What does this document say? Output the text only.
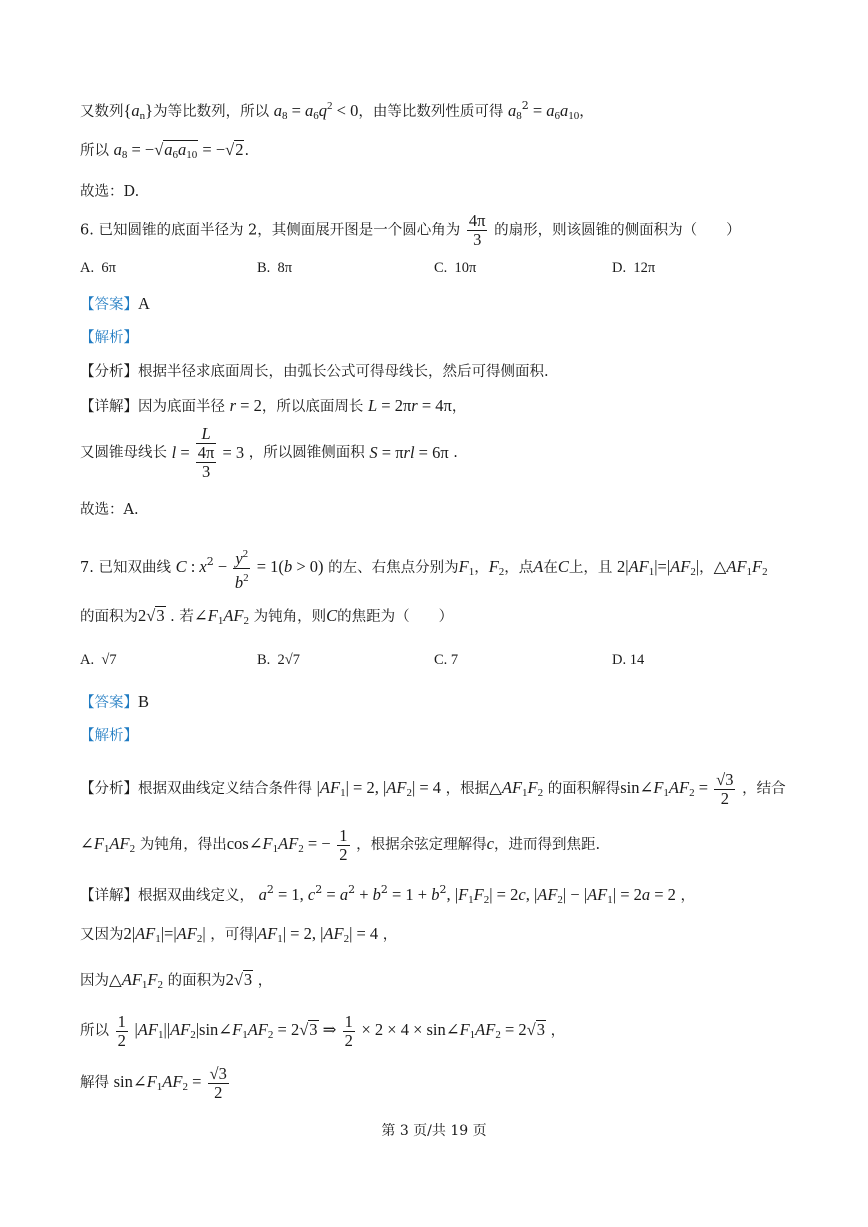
又数列$\{a_n\}$为等比数列，所以 $a_8 = a_6q^2 < 0$，由等比数列性质可得 $a_8^2 = a_6a_{10}$，
所以 $a_8 = -√a_6a_{10} = -√2$.
故选：D.
6. 已知圆锥的底面半径为 2，其侧面展开图是一个圆心角为 $\frac{4\pi}{3}$ 的扇形，则该圆锥的侧面积为（　　）
A. 6π	B. 8π	C. 10π	D. 12π
【答案】A
【解析】
【分析】根据半径求底面周长，由弧长公式可得母线长，然后可得侧面积.
【详解】因为底面半径 r = 2，所以底面周长 L = 2πr = 4π，
又圆锥母线长 $l = \frac{L}{\frac{4\pi}{3}} = 3$ ，所以圆锥侧面积 S = πrl = 6π .
故选：A.
7. 已知双曲线 C : $x^2 - \frac{y^2}{b^2} = 1(b > 0)$ 的左、右焦点分别为$F_1$，$F_2$，点A在C上，且 $2|AF_1|=|AF_2|$，$\triangle AF_1F_2$
的面积为2√3 . 若$\angle F_1AF_2$ 为钝角，则C的焦距为（　　）
A. √7	B. 2√7	C. 7	D. 14
【答案】B
【解析】
【分析】根据双曲线定义结合条件得 $|AF_1| = 2$, $|AF_2| = 4$ ，根据$\triangle AF_1F_2$ 的面积解得$\sin\angle F_1AF_2 = \frac{√3}{2}$ ，结合
$\angle F_1AF_2$ 为钝角，得出$\cos\angle F_1AF_2$ = − $\frac{1}{2}$ ，根据余弦定理解得c，进而得到焦距.
【详解】根据双曲线定义， $a^2 = 1$, $c^2 = a^2 + b^2 = 1 + b^2$, $|F_1F_2| = 2c$, $|AF_2| - |AF_1| = 2a = 2$ ，
又因为$2|AF_1|=|AF_2|$ ，可得$|AF_1| = 2$, $|AF_2| = 4$ ，
因为$\triangle AF_1F_2$ 的面积为2√3 ，
所以 $\frac{1}{2}$ $|AF_1||AF_2|\sin\angle F_1AF_2 = 2√3$ ⇒ $\frac{1}{2} \times 2 \times 4$ × $\sin\angle F_1AF_2 = 2√3$ ，
解得 $\sin\angle F_1AF_2 = \frac{√3}{2}$
第 3 页/共 19 页
